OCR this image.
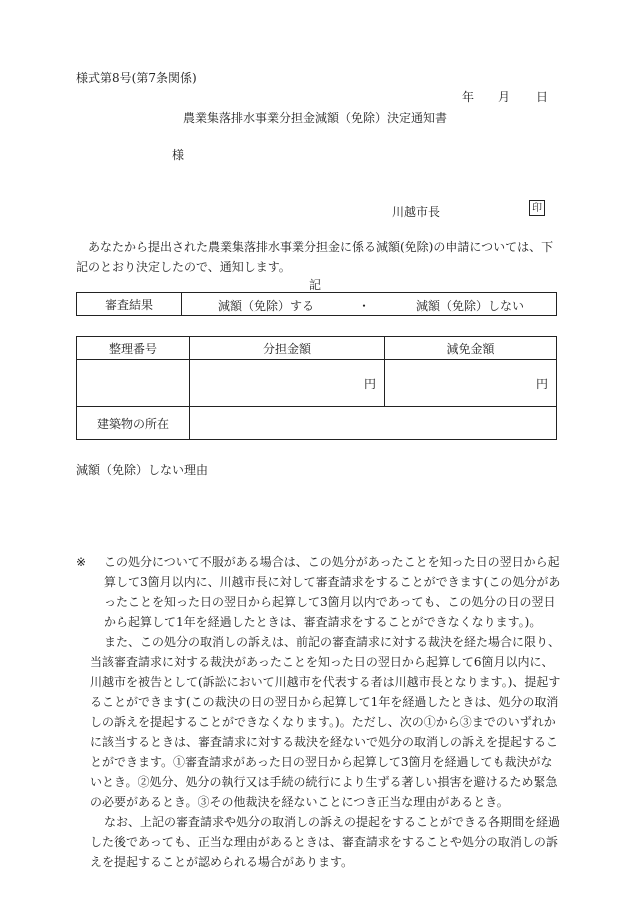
様式第8号(第7条関係)
年 月 日
農業集落排水事業分担金減額（免除）決定通知書
様
川越市長	印
あなたから提出された農業集落排水事業分担金に係る減額(免除)の申請については、下記のとおり決定したので、通知します。
記
審査結果	減額（免除）する	・	減額（免除）しない
整理番号	分担金額	減免金額
	円	円
建築物の所在		
減額（免除）しない理由

※ この処分について不服がある場合は、この処分があったことを知った日の翌日から起算して3箇月以内に、川越市長に対して審査請求をすることができます(この処分があったことを知った日の翌日から起算して3箇月以内であっても、この処分の日の翌日から起算して1年を経過したときは、審査請求をすることができなくなります。)。

また、この処分の取消しの訴えは、前記の審査請求に対する裁決を経た場合に限り、当該審査請求に対する裁決があったことを知った日の翌日から起算して6箇月以内に、川越市を被告として(訴訟において川越市を代表する者は川越市長となります。)、提起することができます(この裁決の日の翌日から起算して1年を経過したときは、処分の取消しの訴えを提起することができなくなります。)。ただし、次の①から③までのいずれかに該当するときは、審査請求に対する裁決を経ないで処分の取消しの訴えを提起することができます。①審査請求があった日の翌日から起算して3箇月を経過しても裁決がないとき。②処分、処分の執行又は手続の続行により生ずる著しい損害を避けるため緊急の必要があるとき。③その他裁決を経ないことにつき正当な理由があるとき。

なお、上記の審査請求や処分の取消しの訴えの提起をすることができる各期間を経過した後であっても、正当な理由があるときは、審査請求をすることや処分の取消しの訴えを提起することが認められる場合があります。
